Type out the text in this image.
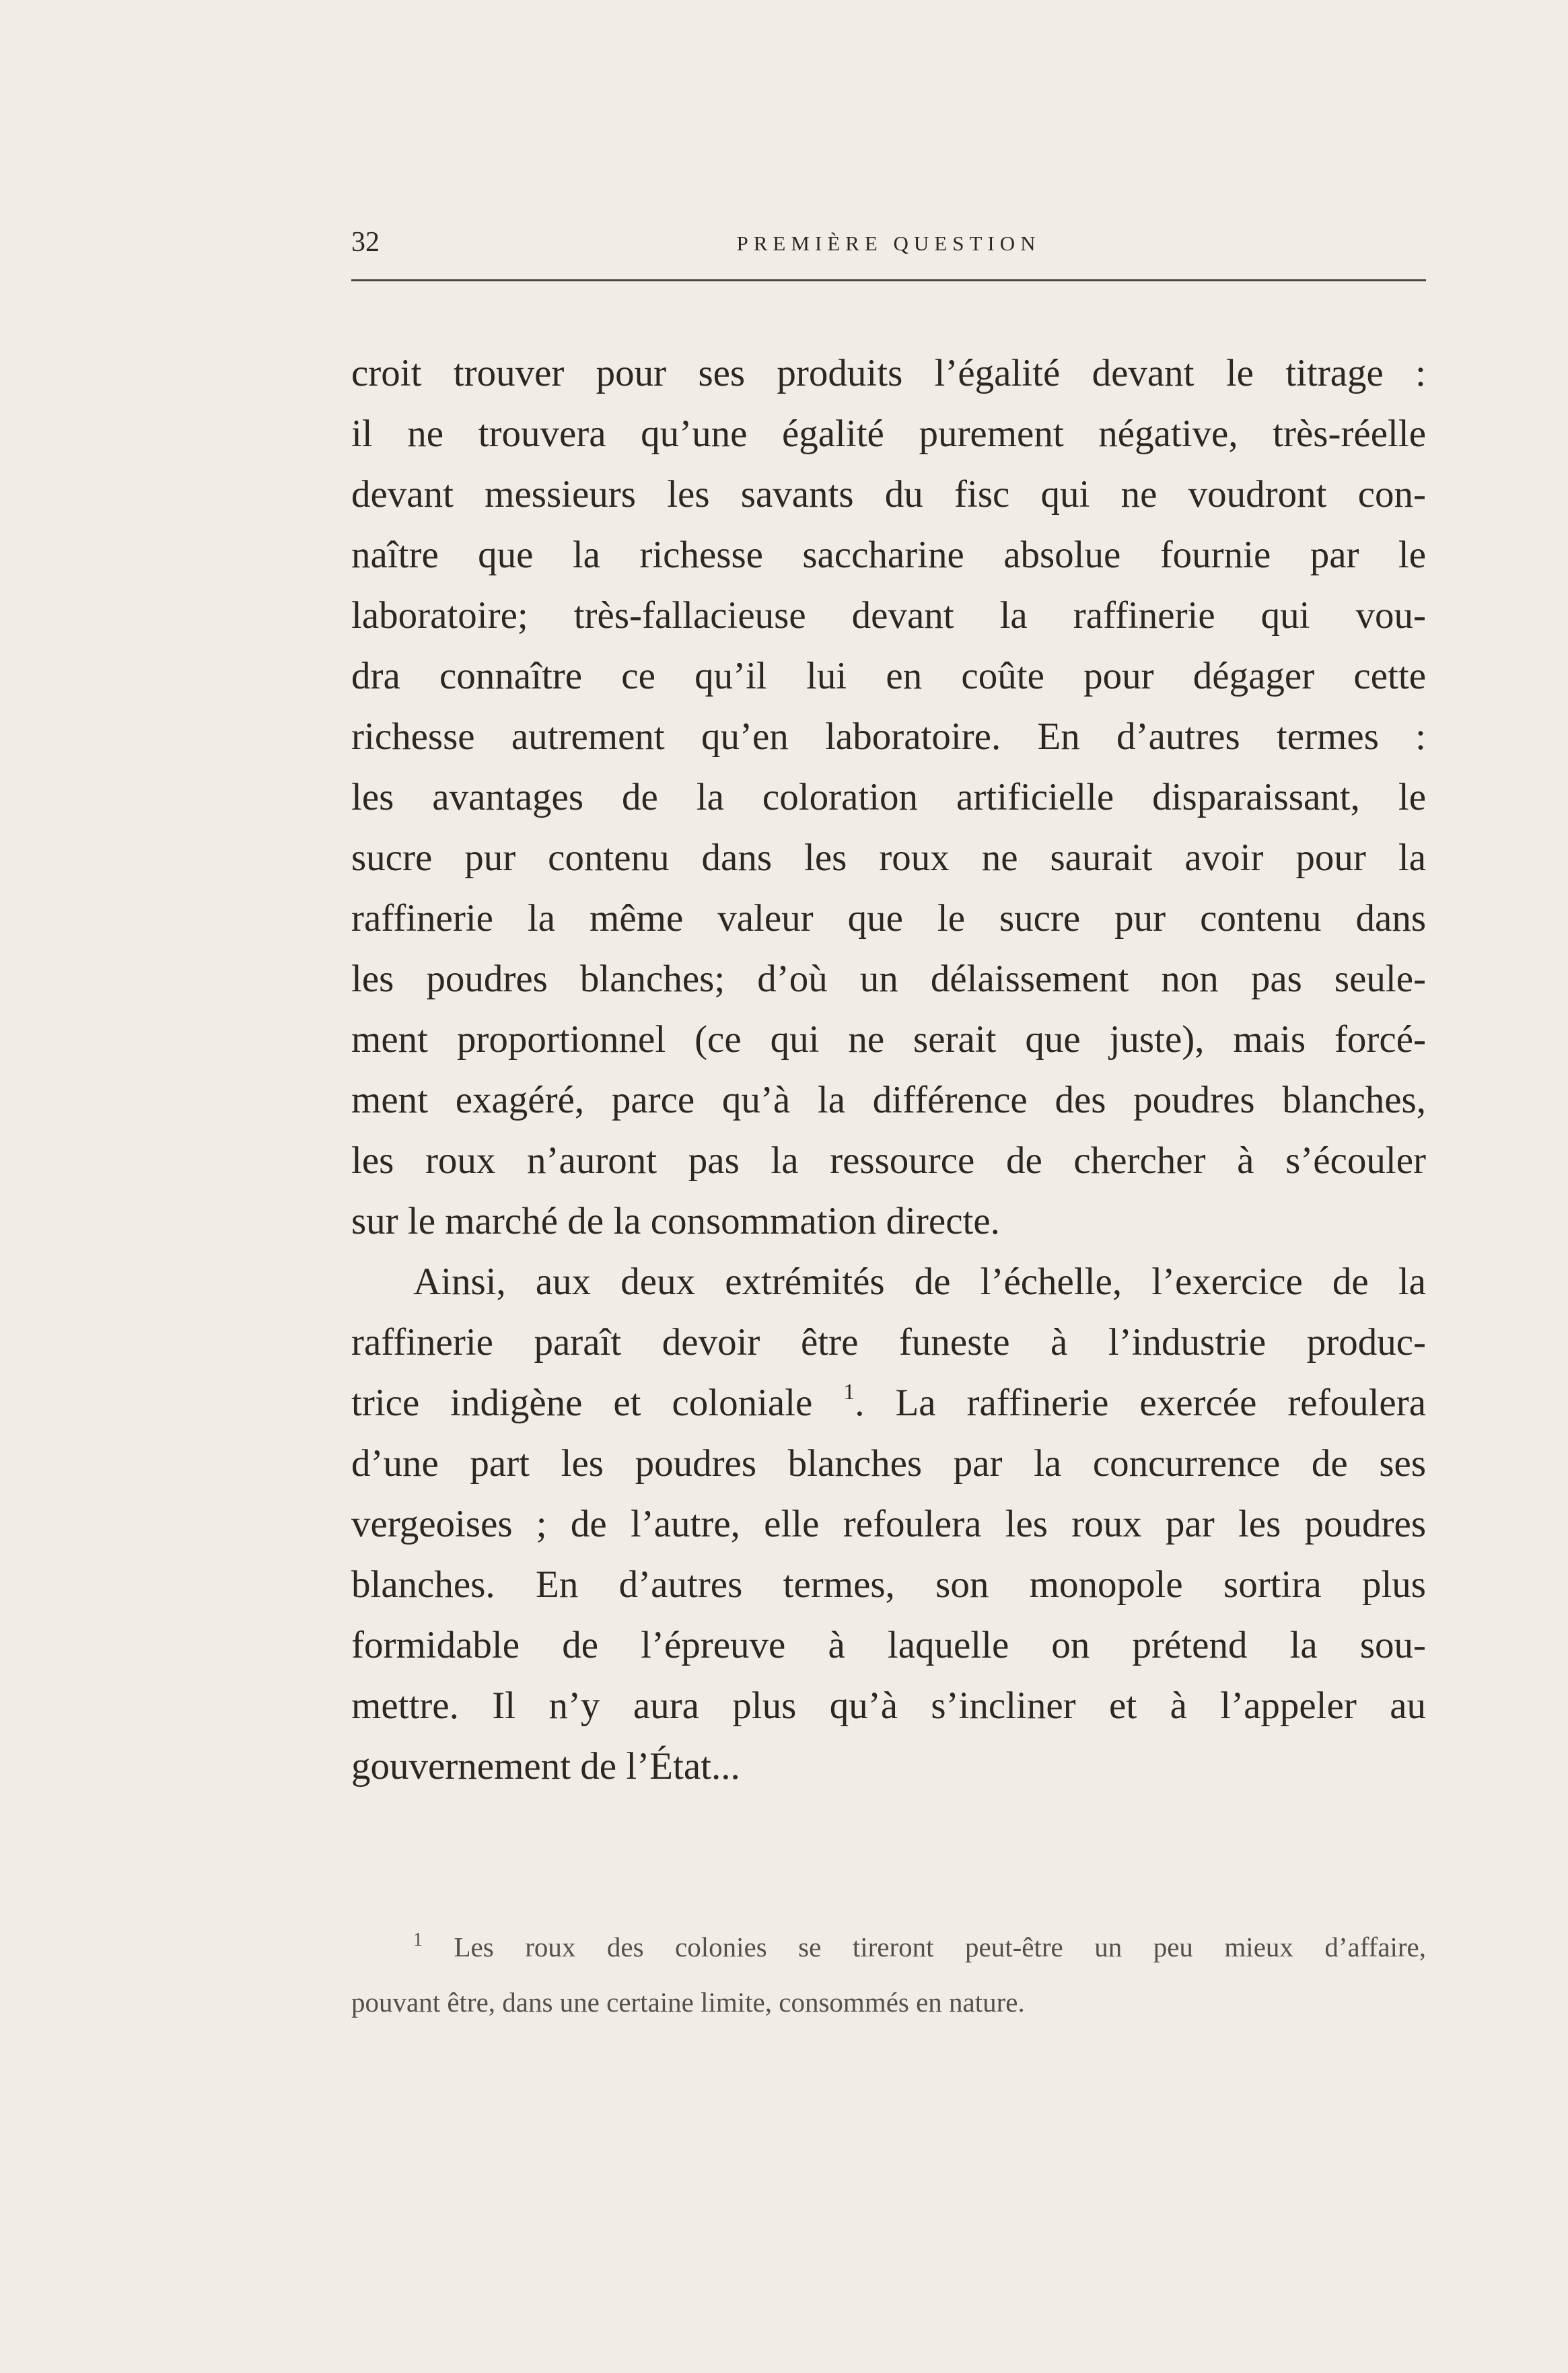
32	PREMIÈRE QUESTION
croit trouver pour ses produits l’égalité devant le titrage :
il ne trouvera qu’une égalité purement négative, très-réelle
devant messieurs les savants du fisc qui ne voudront con-
naître que la richesse saccharine absolue fournie par le
laboratoire; très-fallacieuse devant la raffinerie qui vou-
dra connaître ce qu’il lui en coûte pour dégager cette
richesse autrement qu’en laboratoire. En d’autres termes :
les avantages de la coloration artificielle disparaissant, le
sucre pur contenu dans les roux ne saurait avoir pour la
raffinerie la même valeur que le sucre pur contenu dans
les poudres blanches; d’où un délaissement non pas seule-
ment proportionnel (ce qui ne serait que juste), mais forcé-
ment exagéré, parce qu’à la différence des poudres blanches,
les roux n’auront pas la ressource de chercher à s’écouler
sur le marché de la consommation directe.
Ainsi, aux deux extrémités de l’échelle, l’exercice de la
raffinerie paraît devoir être funeste à l’industrie produc-
trice indigène et coloniale $^1$. La raffinerie exercée refoulera
d’une part les poudres blanches par la concurrence de ses
vergeoises ; de l’autre, elle refoulera les roux par les poudres
blanches. En d’autres termes, son monopole sortira plus
formidable de l’épreuve à laquelle on prétend la sou-
mettre. Il n’y aura plus qu’à s’incliner et à l’appeler au
gouvernement de l’État...
$^1$ Les roux des colonies se tireront peut-être un peu mieux d’affaire,
pouvant être, dans une certaine limite, consommés en nature.
